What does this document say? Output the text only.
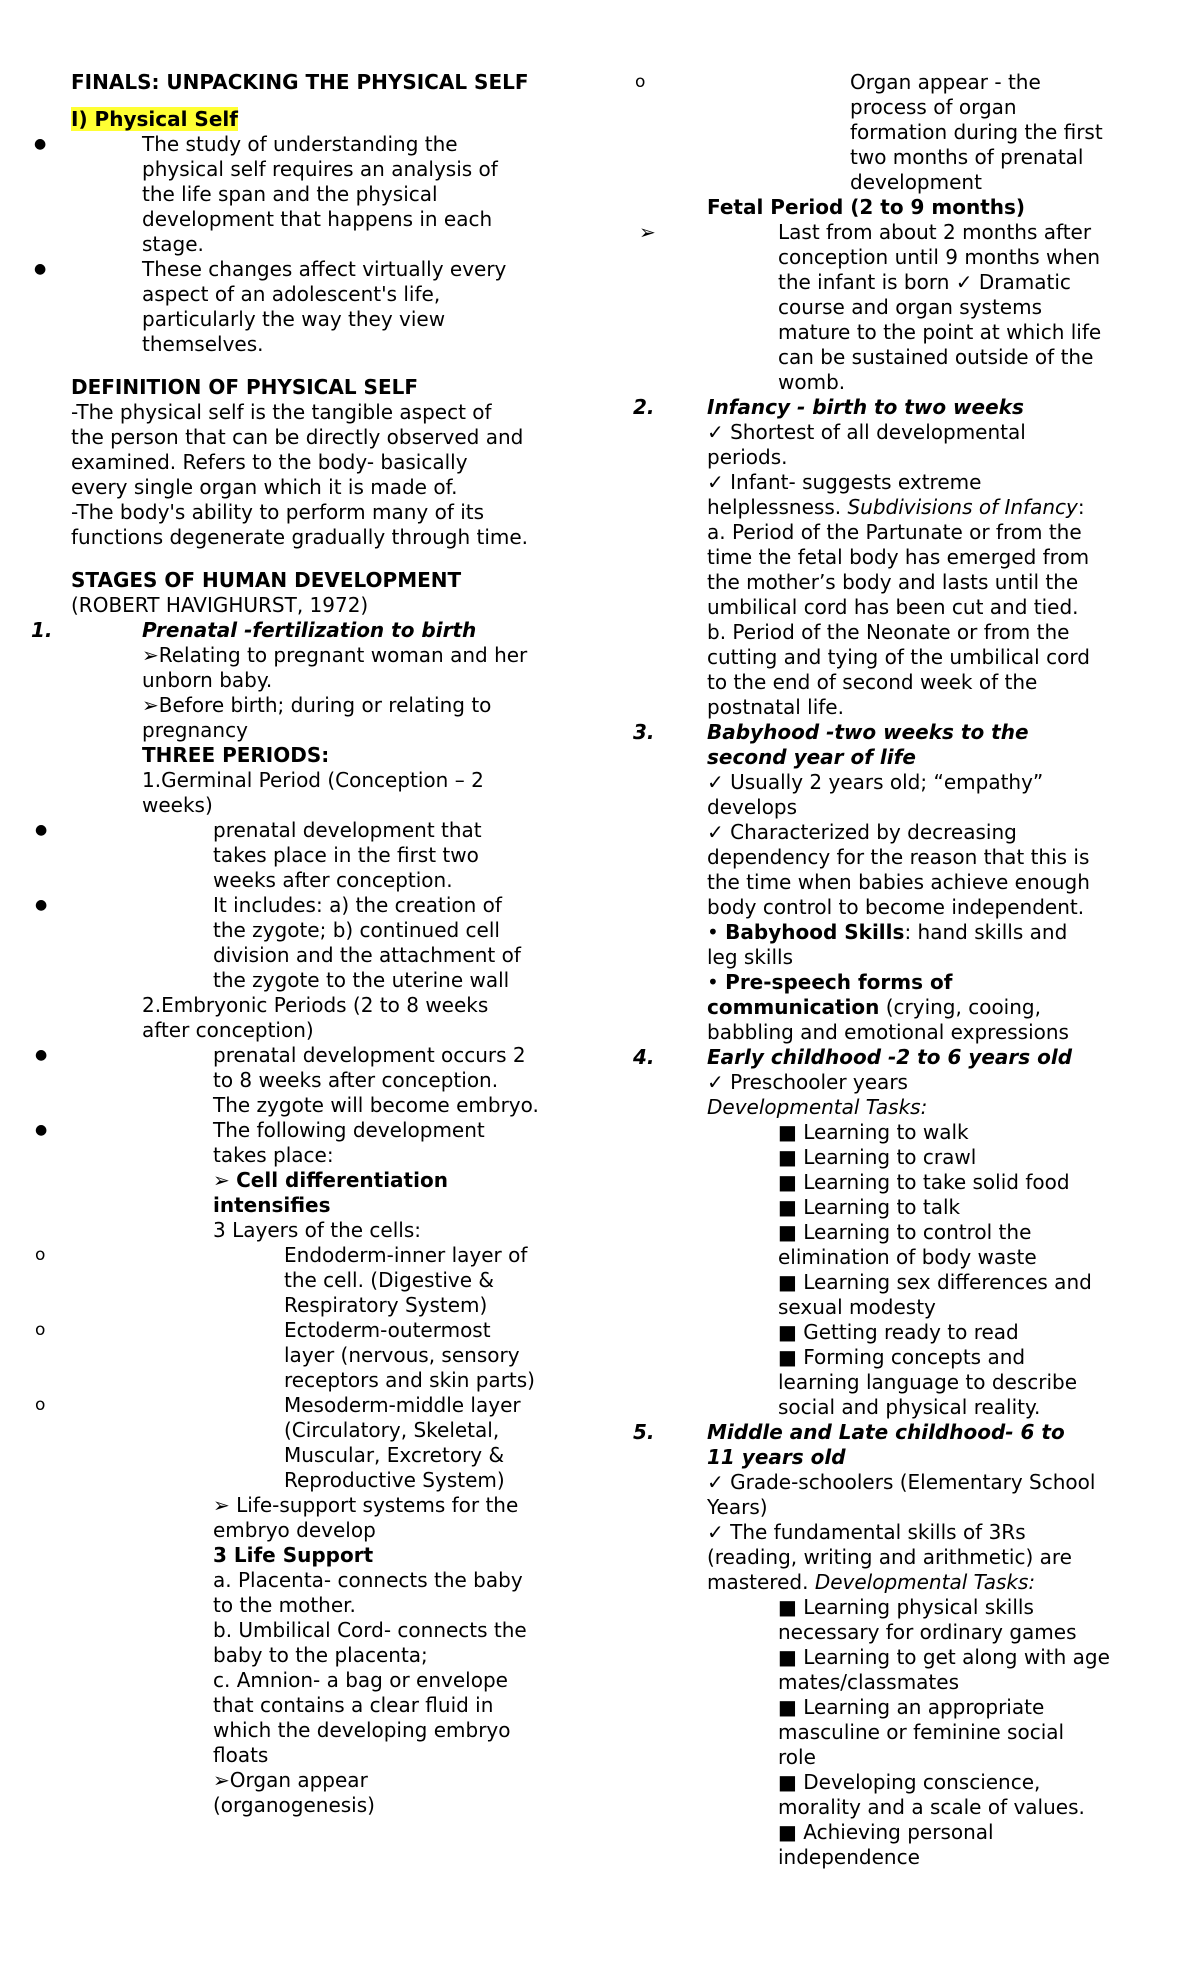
FINALS: UNPACKING THE PHYSICAL SELF
I) Physical Self
●	The study of understanding the
physical self requires an analysis of
the life span and the physical
development that happens in each
stage.
●	These changes affect virtually every
aspect of an adolescent's life,
particularly the way they view
themselves.
DEFINITION OF PHYSICAL SELF
-The physical self is the tangible aspect of
the person that can be directly observed and
examined. Refers to the body- basically
every single organ which it is made of.
-The body's ability to perform many of its
functions degenerate gradually through time.
STAGES OF HUMAN DEVELOPMENT
(ROBERT HAVIGHURST, 1972)
1.	Prenatal -fertilization to birth
➢Relating to pregnant woman and her
unborn baby.
➢Before birth; during or relating to
pregnancy
THREE PERIODS:
1.Germinal Period (Conception – 2
weeks)
●	prenatal development that
takes place in the first two
weeks after conception.
●	It includes: a) the creation of
the zygote; b) continued cell
division and the attachment of
the zygote to the uterine wall
2.Embryonic Periods (2 to 8 weeks
after conception)
●	prenatal development occurs 2
to 8 weeks after conception.
The zygote will become embryo.
●	The following development
takes place:
➢ Cell differentiation
intensifies
3 Layers of the cells:
o	Endoderm-inner layer of
the cell. (Digestive &
Respiratory System)
o	Ectoderm-outermost
layer (nervous, sensory
receptors and skin parts)
o	Mesoderm-middle layer
(Circulatory, Skeletal,
Muscular, Excretory &
Reproductive System)
➢ Life-support systems for the
embryo develop
3 Life Support
a. Placenta- connects the baby
to the mother.
b. Umbilical Cord- connects the
baby to the placenta;
c. Amnion- a bag or envelope
that contains a clear fluid in
which the developing embryo
floats
➢Organ appear
(organogenesis)
o	Organ appear - the
process of organ
formation during the first
two months of prenatal
development
Fetal Period (2 to 9 months)
➢	Last from about 2 months after
conception until 9 months when
the infant is born ✓ Dramatic
course and organ systems
mature to the point at which life
can be sustained outside of the
womb.
2.	Infancy - birth to two weeks
✓ Shortest of all developmental
periods.
✓ Infant- suggests extreme
helplessness. Subdivisions of Infancy:
a. Period of the Partunate or from the
time the fetal body has emerged from
the mother’s body and lasts until the
umbilical cord has been cut and tied.
b. Period of the Neonate or from the
cutting and tying of the umbilical cord
to the end of second week of the
postnatal life.
3.	Babyhood -two weeks to the
second year of life
✓ Usually 2 years old; “empathy”
develops
✓ Characterized by decreasing
dependency for the reason that this is
the time when babies achieve enough
body control to become independent.
• Babyhood Skills: hand skills and
leg skills
• Pre-speech forms of
communication (crying, cooing,
babbling and emotional expressions
4.	Early childhood -2 to 6 years old
✓ Preschooler years
Developmental Tasks:
■ Learning to walk
■ Learning to crawl
■ Learning to take solid food
■ Learning to talk
■ Learning to control the
elimination of body waste
■ Learning sex differences and
sexual modesty
■ Getting ready to read
■ Forming concepts and
learning language to describe
social and physical reality.
5.	Middle and Late childhood- 6 to
11 years old
✓ Grade-schoolers (Elementary School
Years)
✓ The fundamental skills of 3Rs
(reading, writing and arithmetic) are
mastered. Developmental Tasks:
■ Learning physical skills
necessary for ordinary games
■ Learning to get along with age
mates/classmates
■ Learning an appropriate
masculine or feminine social
role
■ Developing conscience,
morality and a scale of values.
■ Achieving personal
independence
